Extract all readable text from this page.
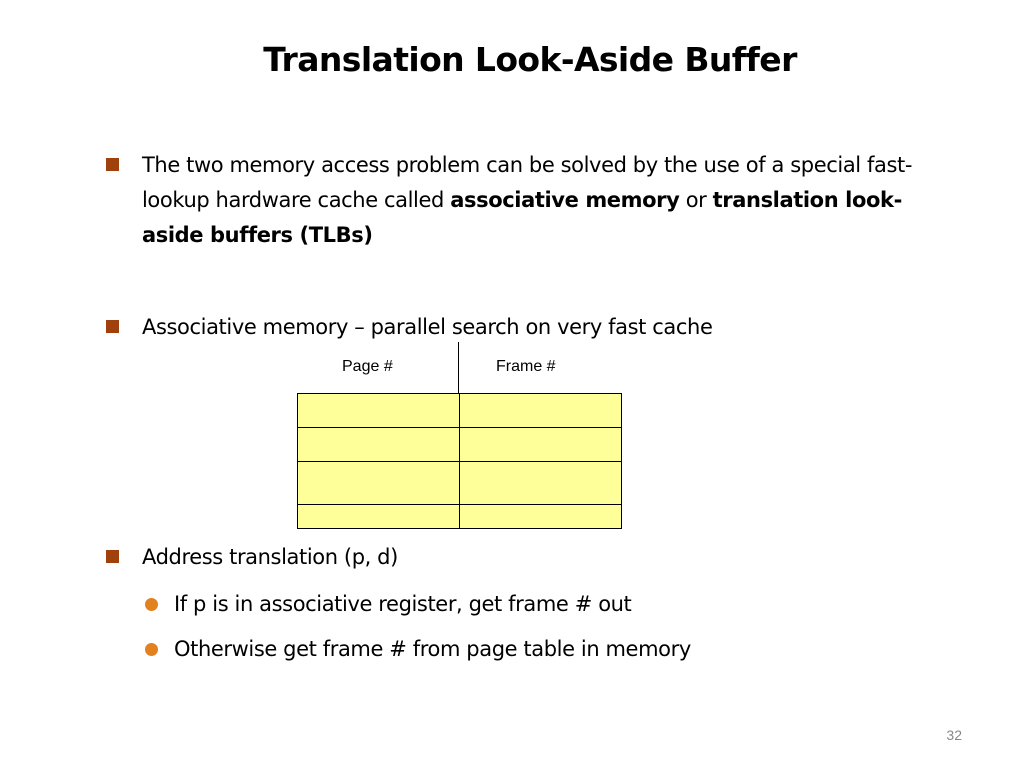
Translation Look-Aside Buffer
The two memory access problem can be solved by the use of a special fast-lookup hardware cache called associative memory or translation look-aside buffers (TLBs)
Associative memory – parallel search on very fast cache
Page #	Frame #

Address translation (p, d)
If p is in associative register, get frame # out
Otherwise get frame # from page table in memory
32
